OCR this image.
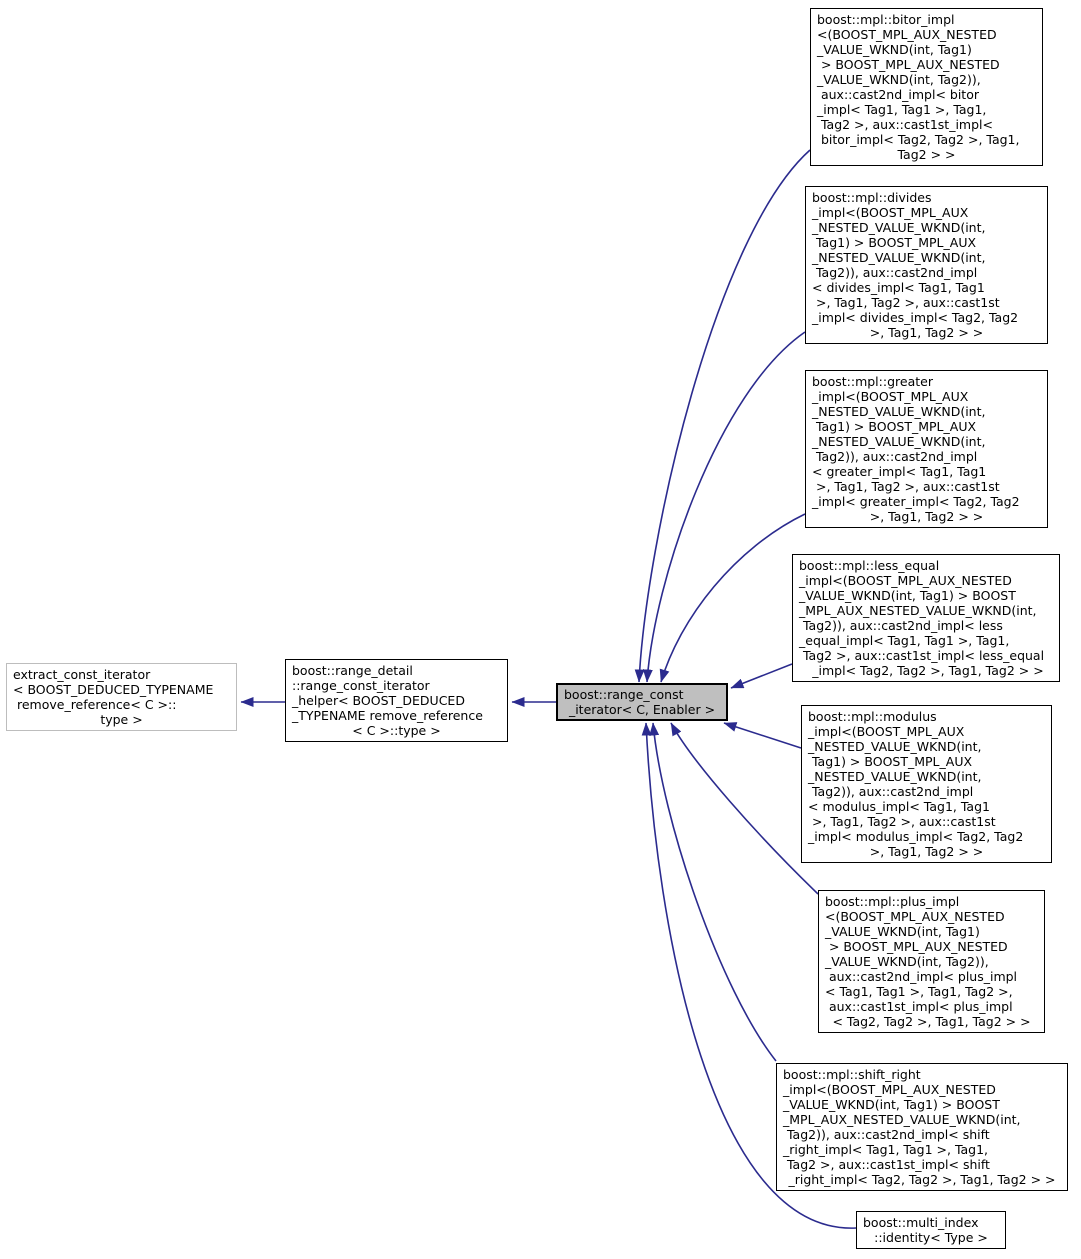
extract_const_iterator
< BOOST_DEDUCED_TYPENAME
remove_reference< C >::
type >
boost::range_detail
::range_const_iterator
_helper< BOOST_DEDUCED
_TYPENAME remove_reference
< C >::type >
boost::range_const
_iterator< C, Enabler >
boost::mpl::bitor_impl
<(BOOST_MPL_AUX_NESTED
_VALUE_WKND(int, Tag1)
> BOOST_MPL_AUX_NESTED
_VALUE_WKND(int, Tag2)),
aux::cast2nd_impl< bitor
_impl< Tag1, Tag1 >, Tag1,
Tag2 >, aux::cast1st_impl<
bitor_impl< Tag2, Tag2 >, Tag1,
Tag2 > >
boost::mpl::divides
_impl<(BOOST_MPL_AUX
_NESTED_VALUE_WKND(int,
Tag1) > BOOST_MPL_AUX
_NESTED_VALUE_WKND(int,
Tag2)), aux::cast2nd_impl
< divides_impl< Tag1, Tag1
>, Tag1, Tag2 >, aux::cast1st
_impl< divides_impl< Tag2, Tag2
>, Tag1, Tag2 > >
boost::mpl::greater
_impl<(BOOST_MPL_AUX
_NESTED_VALUE_WKND(int,
Tag1) > BOOST_MPL_AUX
_NESTED_VALUE_WKND(int,
Tag2)), aux::cast2nd_impl
< greater_impl< Tag1, Tag1
>, Tag1, Tag2 >, aux::cast1st
_impl< greater_impl< Tag2, Tag2
>, Tag1, Tag2 > >
boost::mpl::less_equal
_impl<(BOOST_MPL_AUX_NESTED
_VALUE_WKND(int, Tag1) > BOOST
_MPL_AUX_NESTED_VALUE_WKND(int,
Tag2)), aux::cast2nd_impl< less
_equal_impl< Tag1, Tag1 >, Tag1,
Tag2 >, aux::cast1st_impl< less_equal
_impl< Tag2, Tag2 >, Tag1, Tag2 > >
boost::mpl::modulus
_impl<(BOOST_MPL_AUX
_NESTED_VALUE_WKND(int,
Tag1) > BOOST_MPL_AUX
_NESTED_VALUE_WKND(int,
Tag2)), aux::cast2nd_impl
< modulus_impl< Tag1, Tag1
>, Tag1, Tag2 >, aux::cast1st
_impl< modulus_impl< Tag2, Tag2
>, Tag1, Tag2 > >
boost::mpl::plus_impl
<(BOOST_MPL_AUX_NESTED
_VALUE_WKND(int, Tag1)
> BOOST_MPL_AUX_NESTED
_VALUE_WKND(int, Tag2)),
aux::cast2nd_impl< plus_impl
< Tag1, Tag1 >, Tag1, Tag2 >,
aux::cast1st_impl< plus_impl
< Tag2, Tag2 >, Tag1, Tag2 > >
boost::mpl::shift_right
_impl<(BOOST_MPL_AUX_NESTED
_VALUE_WKND(int, Tag1) > BOOST
_MPL_AUX_NESTED_VALUE_WKND(int,
Tag2)), aux::cast2nd_impl< shift
_right_impl< Tag1, Tag1 >, Tag1,
Tag2 >, aux::cast1st_impl< shift
_right_impl< Tag2, Tag2 >, Tag1, Tag2 > >
boost::multi_index
::identity< Type >
